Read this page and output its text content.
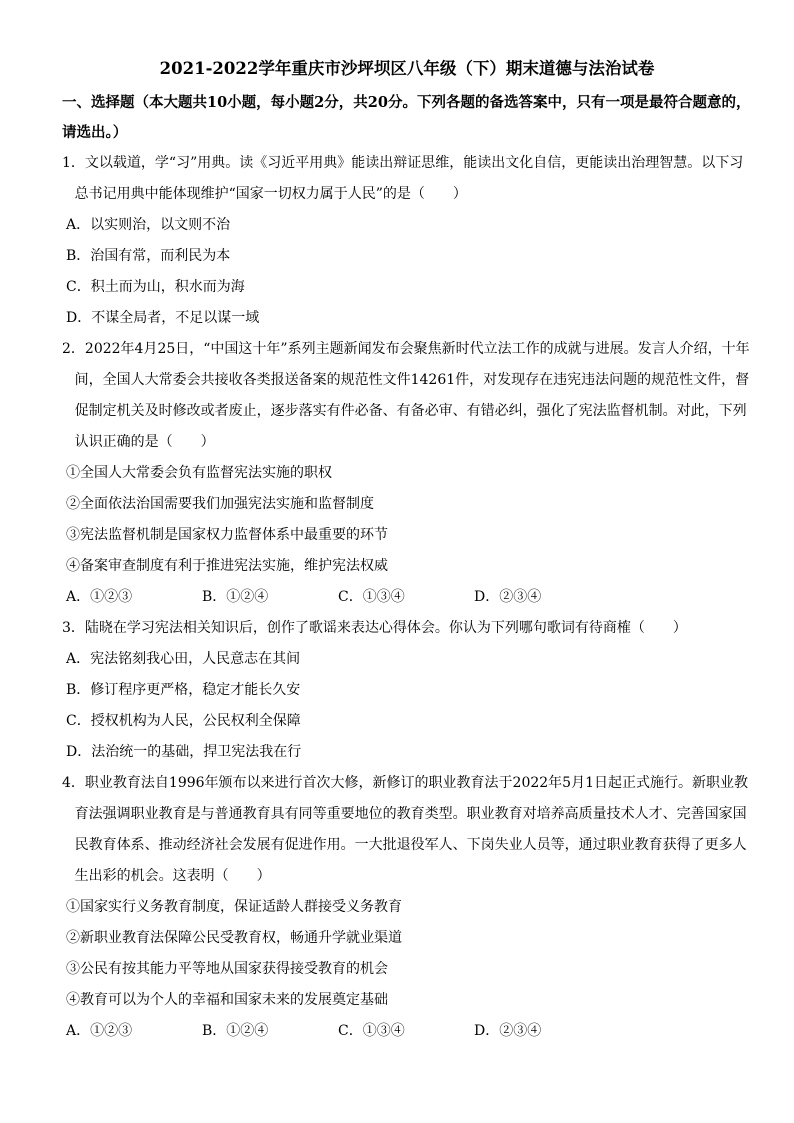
2021-2022学年重庆市沙坪坝区八年级（下）期末道德与法治试卷
一、选择题（本大题共10小题，每小题2分，共20分。下列各题的备选答案中，只有一项是最符合题意的，请选出。）
1．文以载道，学“习”用典。读《习近平用典》能读出辩证思维，能读出文化自信，更能读出治理智慧。以下习总书记用典中能体现维护“国家一切权力属于人民”的是（　　）
A．以实则治，以文则不治
B．治国有常，而利民为本
C．积土而为山，积水而为海
D．不谋全局者，不足以谋一域
2．2022年4月25日，“中国这十年”系列主题新闻发布会聚焦新时代立法工作的成就与进展。发言人介绍，十年间，全国人大常委会共接收各类报送备案的规范性文件14261件，对发现存在违宪违法问题的规范性文件，督促制定机关及时修改或者废止，逐步落实有件必备、有备必审、有错必纠，强化了宪法监督机制。对此，下列认识正确的是（　　）
①全国人大常委会负有监督宪法实施的职权
②全面依法治国需要我们加强宪法实施和监督制度
③宪法监督机制是国家权力监督体系中最重要的环节
④备案审查制度有利于推进宪法实施，维护宪法权威
A．①②③	B．①②④	C．①③④	D．②③④
3．陆晓在学习宪法相关知识后，创作了歌谣来表达心得体会。你认为下列哪句歌词有待商榷（　　）
A．宪法铭刻我心田，人民意志在其间
B．修订程序更严格，稳定才能长久安
C．授权机构为人民，公民权利全保障
D．法治统一的基础，捍卫宪法我在行
4．职业教育法自1996年颁布以来进行首次大修，新修订的职业教育法于2022年5月1日起正式施行。新职业教育法强调职业教育是与普通教育具有同等重要地位的教育类型。职业教育对培养高质量技术人才、完善国家国民教育体系、推动经济社会发展有促进作用。一大批退役军人、下岗失业人员等，通过职业教育获得了更多人生出彩的机会。这表明（　　）
①国家实行义务教育制度，保证适龄人群接受义务教育
②新职业教育法保障公民受教育权，畅通升学就业渠道
③公民有按其能力平等地从国家获得接受教育的机会
④教育可以为个人的幸福和国家未来的发展奠定基础
A．①②③	B．①②④	C．①③④	D．②③④
